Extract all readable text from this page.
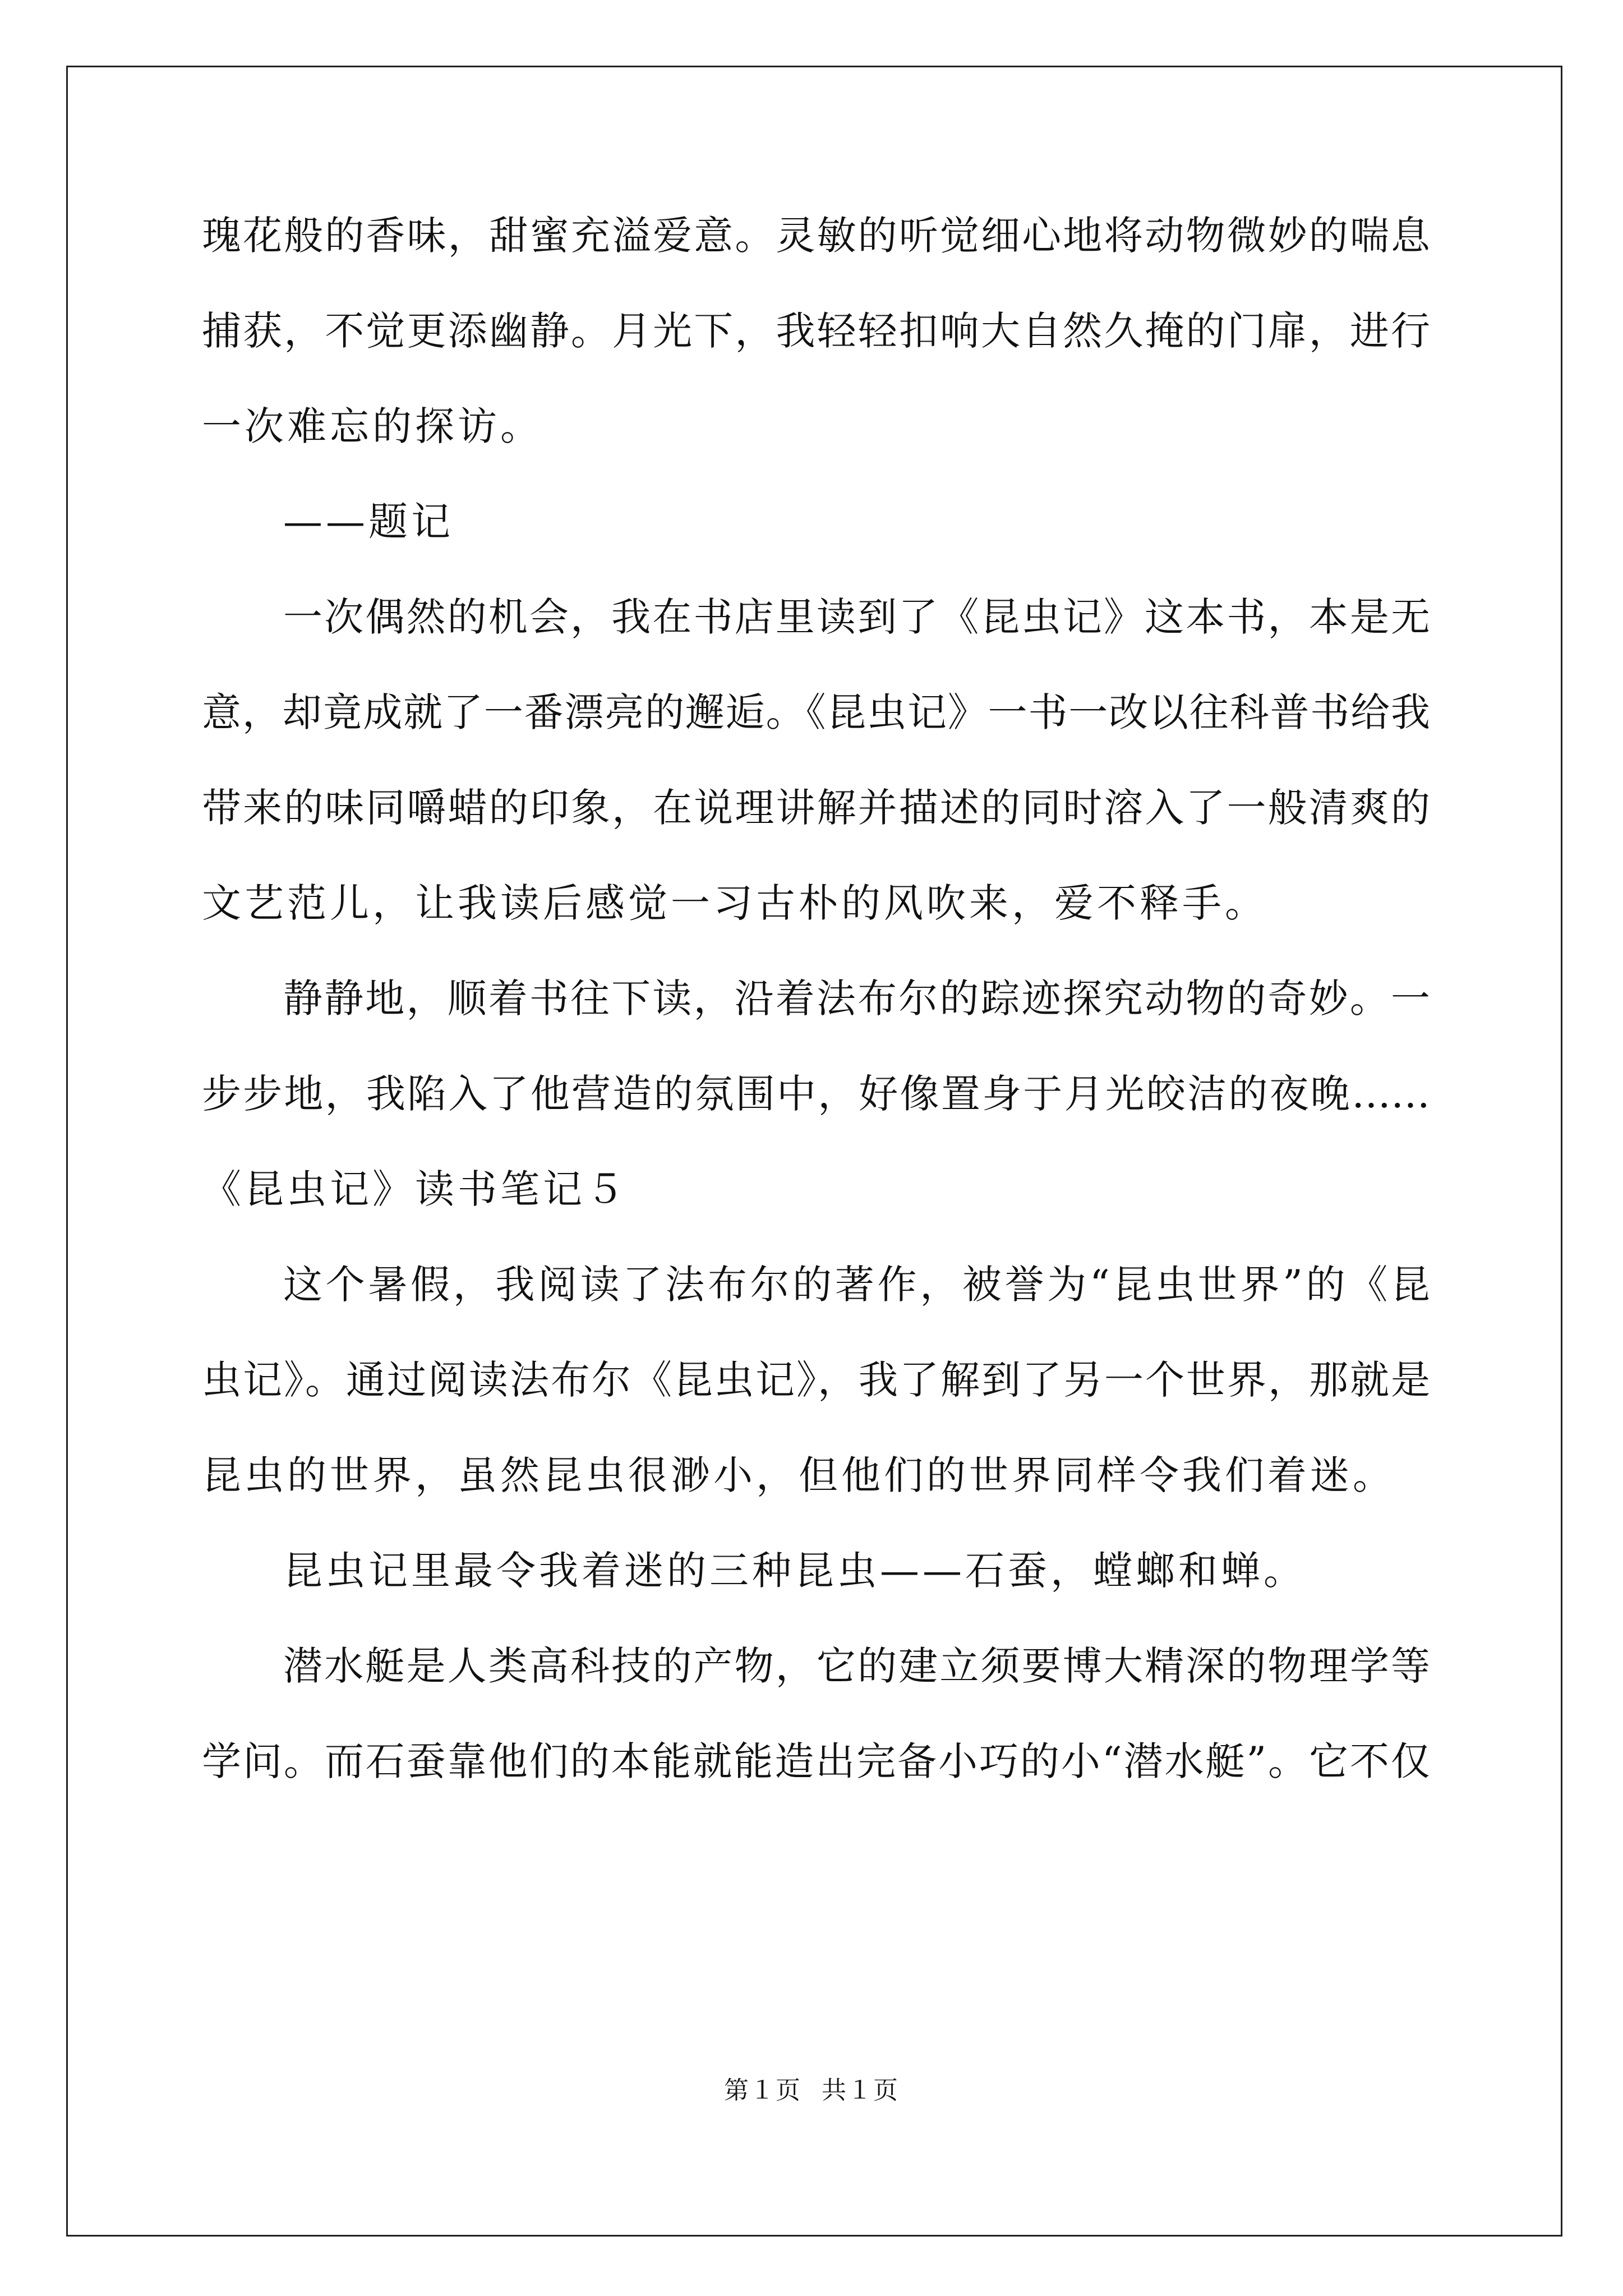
瑰花般的香味，甜蜜充溢爱意。灵敏的听觉细心地将动物微妙的喘息
捕获，不觉更添幽静。月光下，我轻轻扣响大自然久掩的门扉，进行
一次难忘的探访。
——题记
一次偶然的机会，我在书店里读到了《昆虫记》这本书，本是无
意，却竟成就了一番漂亮的邂逅。《昆虫记》一书一改以往科普书给我
带来的味同嚼蜡的印象，在说理讲解并描述的同时溶入了一般清爽的
文艺范儿，让我读后感觉一习古朴的风吹来，爱不释手。
静静地，顺着书往下读，沿着法布尔的踪迹探究动物的奇妙。一
步步地，我陷入了他营造的氛围中，好像置身于月光皎洁的夜晚……
《昆虫记》读书笔记５
这个暑假，我阅读了法布尔的著作，被誉为“昆虫世界”的《昆
虫记》。通过阅读法布尔《昆虫记》，我了解到了另一个世界，那就是
昆虫的世界，虽然昆虫很渺小，但他们的世界同样令我们着迷。
昆虫记里最令我着迷的三种昆虫——石蚕，螳螂和蝉。
潜水艇是人类高科技的产物，它的建立须要博大精深的物理学等
学问。而石蚕靠他们的本能就能造出完备小巧的小“潜水艇”。它不仅
第１页 共１页
